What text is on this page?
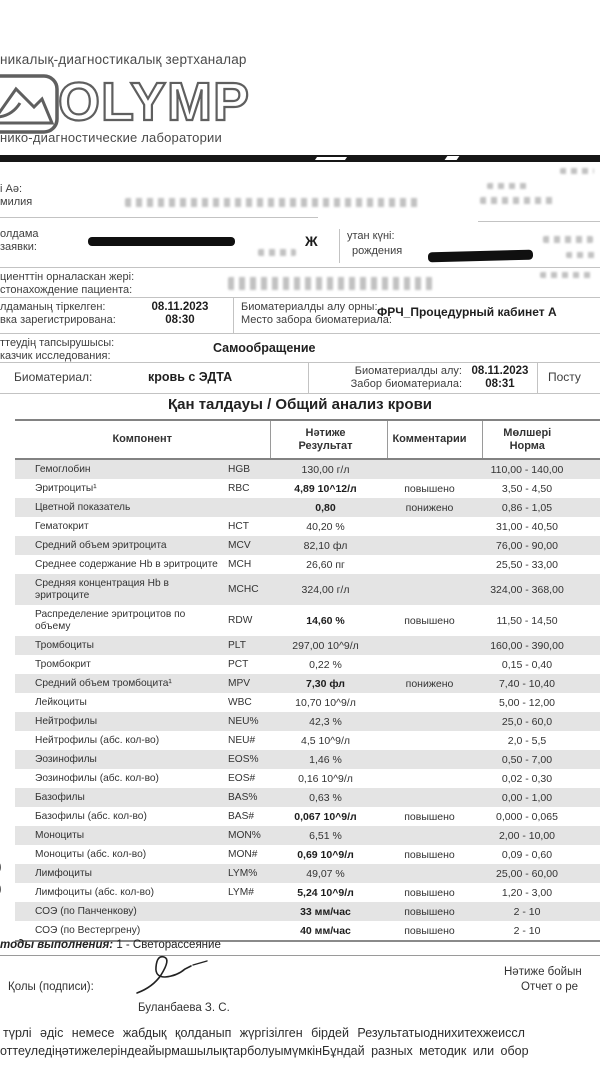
никалық-диагностикалық зертханалар
OLYMP
нико-диагностические лаборатории
і Аә:
милия
олдама
заявки:	Ж	утан күні:
рождения
циенттін орналаскан жері:
стонахождение пациента:
лдаманың тіркелген:
вка зарегистрирована:
08.11.2023
08:30
Биоматериалды алу орны:
Место забора биоматериала:
ФРЧ_Процедурный кабинет А
ттеудің тапсырушысы:
казчик исследования:
Самообращение
Биоматериал:	кровь с ЭДТА	Биоматериалды алу:
Забор биоматериала:
08.11.2023
08:31	Посту
Қан талдауы / Общий анализ крови
Компонент		Нәтиже
Результат	Комментарии	Мөлшері
Норма

Гемоглобин	HGB	130,00 г/л		110,00 - 140,00

Эритроциты¹	RBC	4,89 10^12/л	повышено	3,50 - 4,50

Цветной показатель		0,80	понижено	0,86 - 1,05

Гематокрит	HCT	40,20 %		31,00 - 40,50

Средний объем эритроцита	MCV	82,10 фл		76,00 - 90,00

Среднее содержание Hb в эритроците	MCH	26,60 пг		25,50 - 33,00

Средняя концентрация Hb в
эритроците	MCHC	324,00 г/л		324,00 - 368,00

Распределение эритроцитов по
объему	RDW	14,60 %	повышено	11,50 - 14,50

Тромбоциты	PLT	297,00 10^9/л		160,00 - 390,00

Тромбокрит	PCT	0,22 %		0,15 - 0,40

Средний объем тромбоцита¹	MPV	7,30 фл	понижено	7,40 - 10,40

Лейкоциты	WBC	10,70 10^9/л		5,00 - 12,00

Нейтрофилы	NEU%	42,3 %		25,0 - 60,0

Нейтрофилы (абс. кол-во)	NEU#	4,5 10^9/л		2,0 - 5,5

Эозинофилы	EOS%	1,46 %		0,50 - 7,00

Эозинофилы (абс. кол-во)	EOS#	0,16 10^9/л		0,02 - 0,30

Базофилы	BAS%	0,63 %		0,00 - 1,00

Базофилы (абс. кол-во)	BAS#	0,067 10^9/л	повышено	0,000 - 0,065

Моноциты	MON%	6,51 %		2,00 - 10,00

Моноциты (абс. кол-во)	MON#	0,69 10^9/л	повышено	0,09 - 0,60

Лимфоциты	LYM%	49,07 %		25,00 - 60,00

Лимфоциты (абс. кол-во)	LYM#	5,24 10^9/л	повышено	1,20 - 3,00

СОЭ (по Панченкову)		33 мм/час	повышено	2 - 10

СОЭ (по Вестергрену)		40 мм/час	повышено	2 - 10
тоды выполнения: 1 - Светорассеяние
Қолы (подписи):
Буланбаева З. С.
Нәтиже бойын
Отчет о ре
түрлі әдіс немесе жабдық қолданып жүргізілген бірдей Результатыоднихитехжеиссл
оттеуледіңәтижелеріндеайырмашылықтарболуымүмкінБұндай разных методик или обор
